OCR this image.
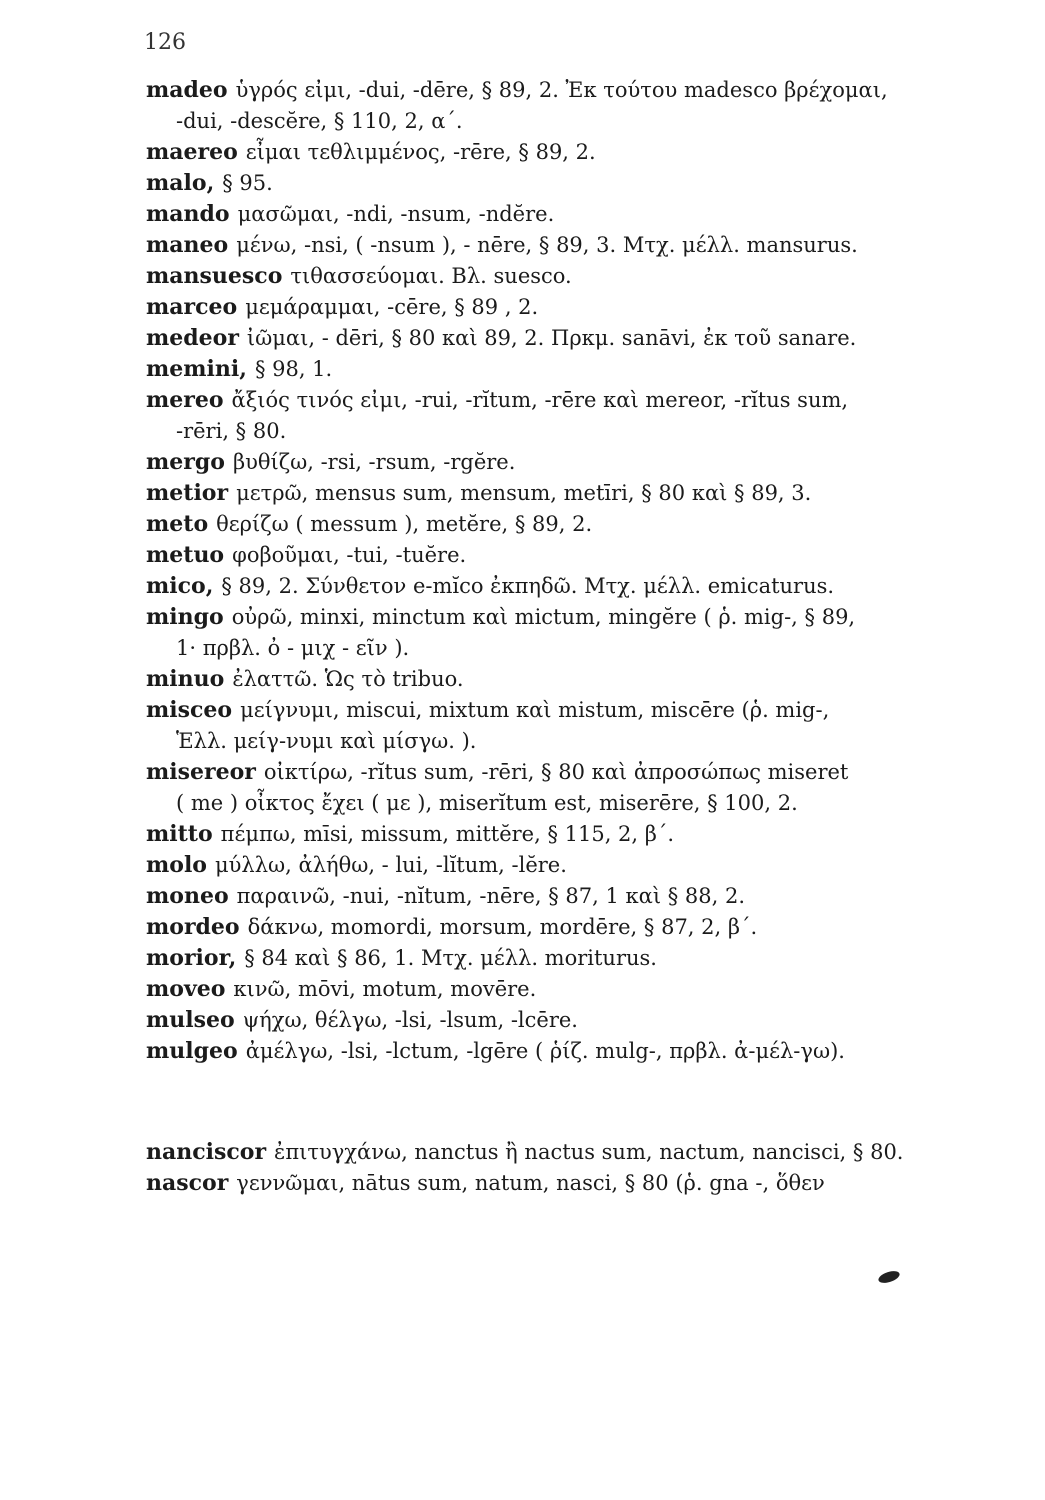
126

madeo ὑγρός εἰμι, -dui, -dēre, § 89, 2. Ἐκ τούτου madesco βρέχομαι,
-dui, -descĕre, § 110, 2, α΄.

maereo εἶμαι τεθλιμμένος, -rēre, § 89, 2.

malo, § 95.

mando μασῶμαι, -ndi, -nsum, -ndĕre.

maneo μένω, -nsi, ( -nsum ), - nēre, § 89, 3. Μτχ. μέλλ. mansurus.

mansuesco τιθασσεύομαι. Βλ. suesco.

marceo μεμάραμμαι, -cēre, § 89 , 2.

medeor ἰῶμαι, - dēri, § 80 καὶ 89, 2. Πρκμ. sanāvi, ἐκ τοῦ sanare.

memini, § 98, 1.

mereo ἄξιός τινός εἰμι, -rui, -rĭtum, -rēre καὶ mereor, -rĭtus sum,
-rēri, § 80.

mergo βυθίζω, -rsi, -rsum, -rgĕre.

metior μετρῶ, mensus sum, mensum, metīri, § 80 καὶ § 89, 3.

meto θερίζω ( messum ), metĕre, § 89, 2.

metuo φοβοῦμαι, -tui, -tuĕre.

mico, § 89, 2. Σύνθετον e-mĭco ἐκπηδῶ. Μτχ. μέλλ. emicaturus.

mingo οὐρῶ, minxi, minctum καὶ mictum, mingĕre ( ῥ. mig-, § 89,
1· πρβλ. ὀ - μιχ - εῖν ).

minuo ἐλαττῶ. Ὡς τὸ tribuo.

misceo μείγνυμι, miscui, mixtum καὶ mistum, miscēre (ῥ. mig-,
Ἑλλ. μείγ-νυμι καὶ μίσγω. ).

misereor οἰκτίρω, -rĭtus sum, -rēri, § 80 καὶ ἀπροσώπως miseret
( me ) οἶκτος ἔχει ( με ), miserĭtum est, miserēre, § 100, 2.

mitto πέμπω, mīsi, missum, mittĕre, § 115, 2, β΄.

molo μύλλω, ἀλήθω, - lui, -lĭtum, -lĕre.

moneo παραινῶ, -nui, -nĭtum, -nēre, § 87, 1 καὶ § 88, 2.

mordeo δάκνω, momordi, morsum, mordēre, § 87, 2, β΄.

morior, § 84 καὶ § 86, 1. Μτχ. μέλλ. moriturus.

moveo κινῶ, mōvi, motum, movēre.

mulseo ψήχω, θέλγω, -lsi, -lsum, -lcēre.

mulgeo ἀμέλγω, -lsi, -lctum, -lgēre ( ῥίζ. mulg-, πρβλ. ἀ-μέλ-γω).

nanciscor ἐπιτυγχάνω, nanctus ἢ nactus sum, nactum, nancisci, § 80.

nascor γεννῶμαι, nātus sum, natum, nasci, § 80 (ῥ. gna -, ὅθεν
